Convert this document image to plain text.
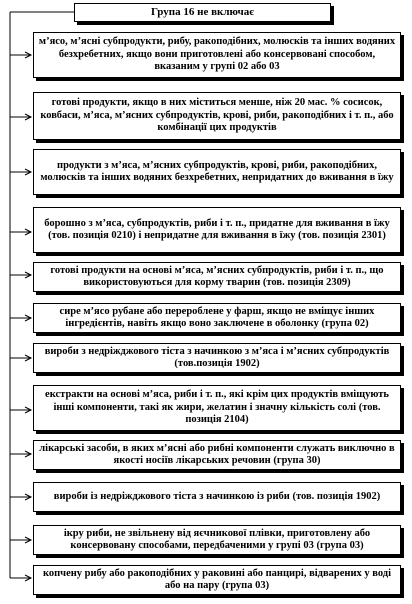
Група 16 не включає
м’ясо, м’ясні субпродукти, рибу, ракоподібних, молюсків та інших водяних безхребетних, якщо вони приготовлені або консервовані способом, вказаним у групі 02 або 03
готові продукти, якщо в них міститься менше, ніж 20 мас. % сосисок, ковбаси, м’яса, м’ясних субпродуктів, крові, риби, ракоподібних і т. п., або комбінації цих продуктів
продукти з м’яса, м’ясних субпродуктів, крові, риби, ракоподібних, молюсків та інших водяних безхребетних, непридатних до вживання в їжу
борошно з м’яса, субпродуктів, риби і т. п., придатне для вживання в їжу (тов. позиція 0210) і непридатне для вживання в їжу (тов. позиція 2301)
готові продукти на основі м’яса, м’ясних субпродуктів, риби і т. п., що використовуються для корму тварин (тов. позиція 2309)
сире м’ясо рубане або перероблене у фарш, якщо не вміщує інших інгредієнтів, навіть якщо воно заключене в оболонку (група 02)
вироби з недріжджового тіста з начинкою з м’яса і м’ясних субпродуктів (тов.позиція 1902)
екстракти на основі м’яса, риби і т. п., які крім цих продуктів вміщують інші компоненти, такі як жири, желатин і значну кількість солі (тов. позиція 2104)
лікарські засоби, в яких м’ясні або рибні компоненти служать виключно в якості носіїв лікарських речовин (група 30)
вироби із недріжджового тіста з начинкою із риби (тов. позиція 1902)
ікру риби, не звільнену від яєчникової плівки, приготовлену або консервовану способами, передбаченими у групі 03 (група 03)
копчену рибу або ракоподібних у раковині або панцирі, відварених у воді або на пару (група 03)
